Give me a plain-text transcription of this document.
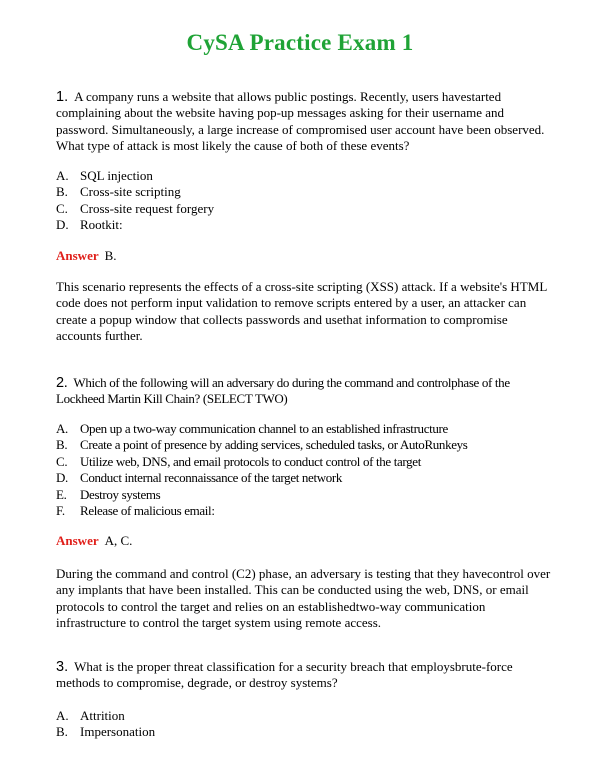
CySA Practice Exam 1
1. A company runs a website that allows public postings. Recently, users havestarted complaining about the website having pop-up messages asking for their username and password. Simultaneously, a large increase of compromised user account have been observed. What type of attack is most likely the cause of both of these events?
A. SQL injection
B. Cross-site scripting
C. Cross-site request forgery
D. Rootkit:
Answer B.
This scenario represents the effects of a cross-site scripting (XSS) attack. If a website's HTML code does not perform input validation to remove scripts entered by a user, an attacker can create a popup window that collects passwords and usethat information to compromise accounts further.
2. Which of the following will an adversary do during the command and controlphase of the Lockheed Martin Kill Chain? (SELECT TWO)
A. Open up a two-way communication channel to an established infrastructure
B. Create a point of presence by adding services, scheduled tasks, or AutoRunkeys
C. Utilize web, DNS, and email protocols to conduct control of the target
D. Conduct internal reconnaissance of the target network
E.	Destroy systems
F.	Release of malicious email:
Answer A, C.
During the command and control (C2) phase, an adversary is testing that they havecontrol over any implants that have been installed. This can be conducted using the web, DNS, or email protocols to control the target and relies on an establishedtwo-way communication infrastructure to control the target system using remote access.
3. What is the proper threat classification for a security breach that employsbrute-force methods to compromise, degrade, or destroy systems?
A. Attrition
B. Impersonation
